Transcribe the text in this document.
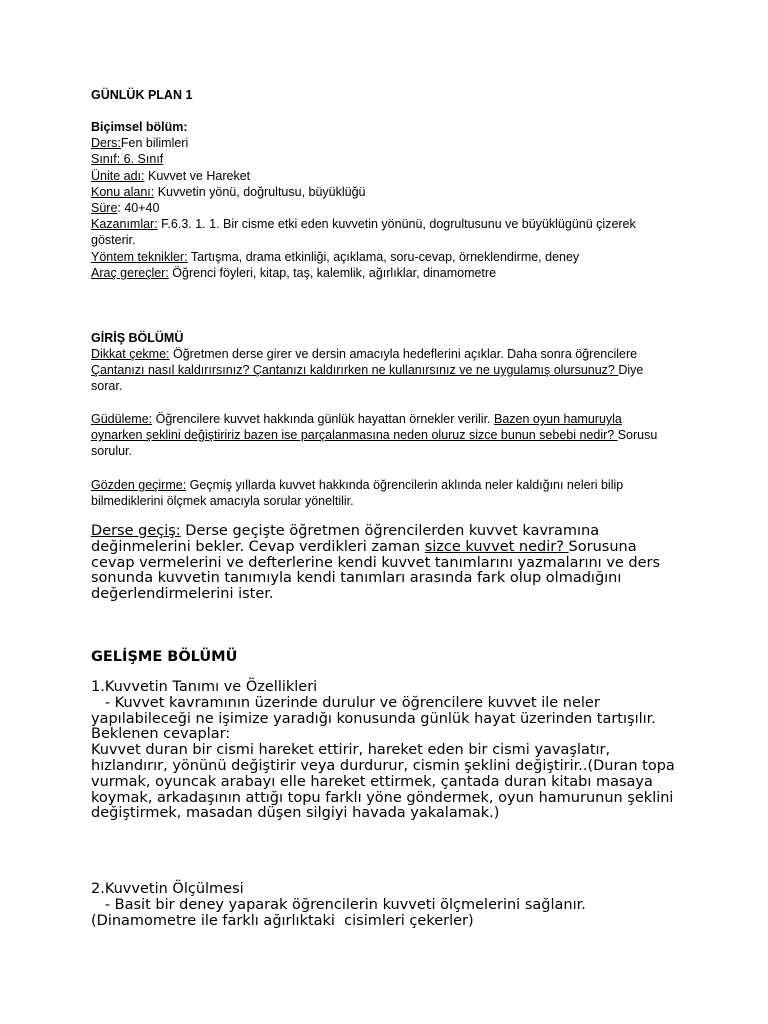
GÜNLÜK PLAN 1
Biçimsel bölüm:
Ders:Fen bilimleri
Sınıf: 6. Sınıf
Ünite adı: Kuvvet ve Hareket
Konu alanı: Kuvvetin yönü, doğrultusu, büyüklüğü
Süre: 40+40
Kazanımlar: F.6.3. 1. 1. Bir cisme etki eden kuvvetin yönünü, dogrultusunu ve büyüklügünü çizerek gösterir.
Yöntem teknikler: Tartışma, drama etkinliği, açıklama, soru-cevap, örneklendirme, deney
Araç gereçler: Öğrenci föyleri, kitap, taş, kalemlik, ağırlıklar, dinamometre
GİRİŞ BÖLÜMÜ
Dikkat çekme: Öğretmen derse girer ve dersin amacıyla hedeflerini açıklar. Daha sonra öğrencilere Çantanızı nasıl kaldırırsınız? Çantanızı kaldırırken ne kullanırsınız ve ne uygulamış olursunuz? Diye sorar.
Güdüleme: Öğrencilere kuvvet hakkında günlük hayattan örnekler verilir. Bazen oyun hamuruyla oynarken şeklini değiştiririz bazen ise parçalanmasına neden oluruz sizce bunun sebebi nedir? Sorusu sorulur.
Gözden geçirme: Geçmiş yıllarda kuvvet hakkında öğrencilerin aklında neler kaldığını neleri bilip bilmediklerini ölçmek amacıyla sorular yöneltilir.
Derse geçiş: Derse geçişte öğretmen öğrencilerden kuvvet kavramına değinmelerini bekler. Cevap verdikleri zaman sizce kuvvet nedir? Sorusuna cevap vermelerini ve defterlerine kendi kuvvet tanımlarını yazmalarını ve ders sonunda kuvvetin tanımıyla kendi tanımları arasında fark olup olmadığını değerlendirmelerini ister.
GELİŞME BÖLÜMÜ
1.Kuvvetin Tanımı ve Özellikleri
- Kuvvet kavramının üzerinde durulur ve öğrencilere kuvvet ile neler yapılabileceği ne işimize yaradığı konusunda günlük hayat üzerinden tartışılır.
Beklenen cevaplar:
Kuvvet duran bir cismi hareket ettirir, hareket eden bir cismi yavaşlatır, hızlandırır, yönünü değiştirir veya durdurur, cismin şeklini değiştirir..(Duran topa vurmak, oyuncak arabayı elle hareket ettirmek, çantada duran kitabı masaya koymak, arkadaşının attığı topu farklı yöne göndermek, oyun hamurunun şeklini değiştirmek, masadan düşen silgiyi havada yakalamak.)
2.Kuvvetin Ölçülmesi
- Basit bir deney yaparak öğrencilerin kuvveti ölçmelerini sağlanır.
(Dinamometre ile farklı ağırlıktaki  cisimleri çekerler)
